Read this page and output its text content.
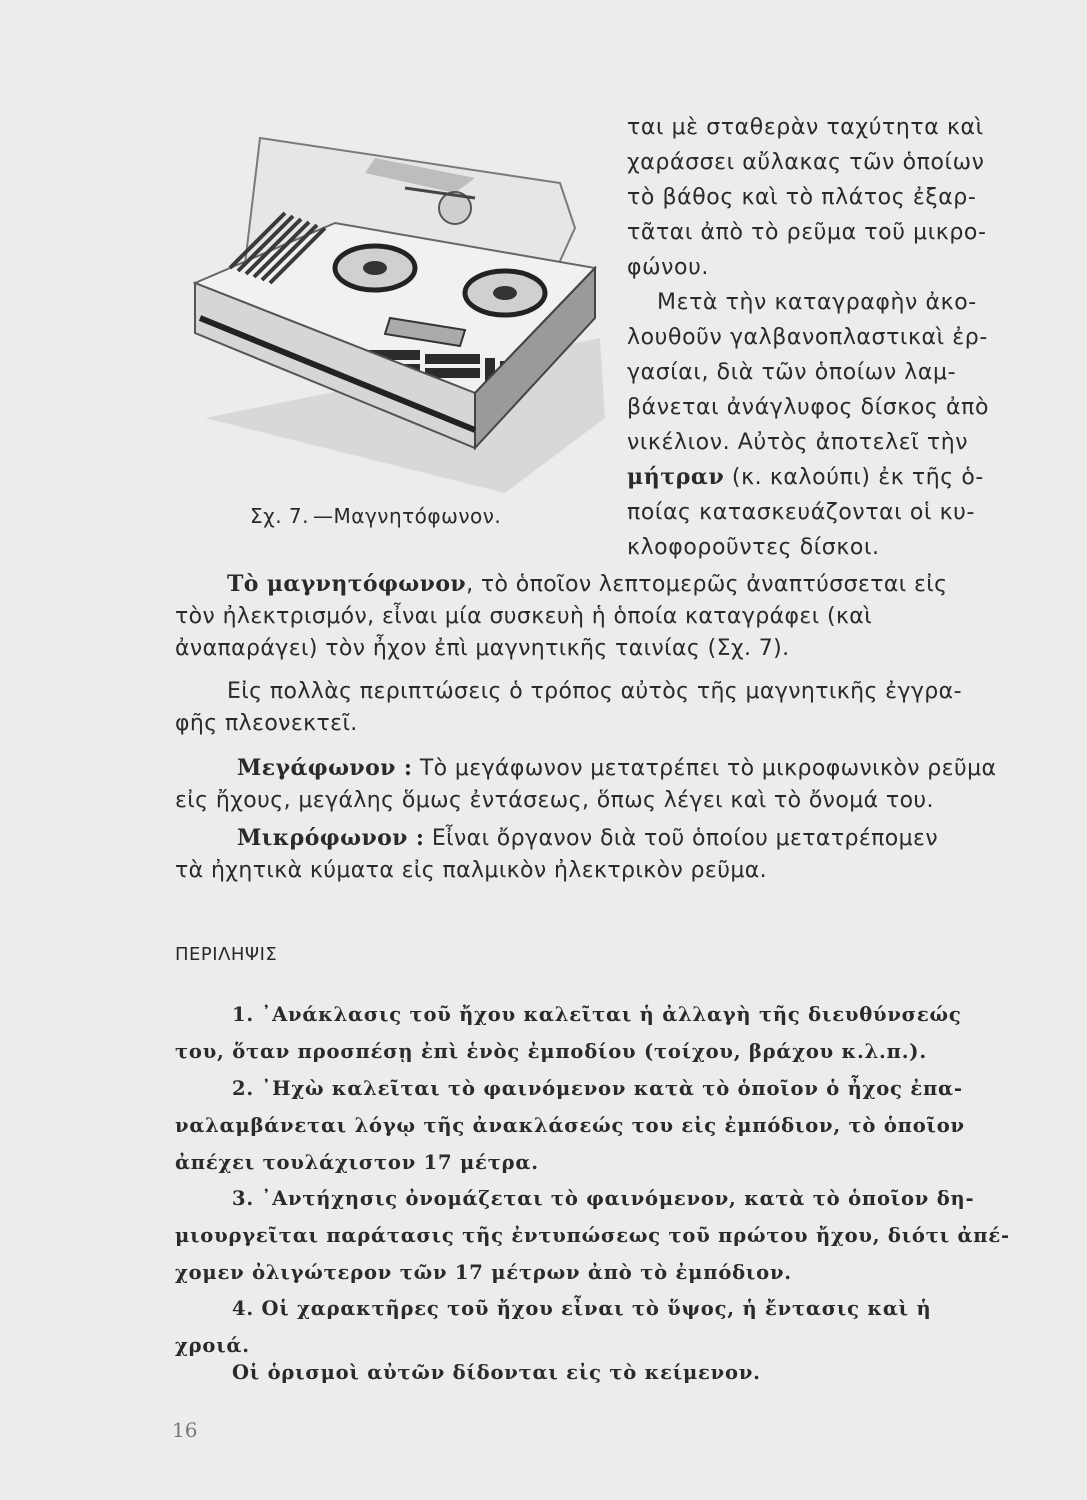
Σχ. 7. —Μαγνητόφωνον.
ται μὲ σταθερὰν ταχύτητα καὶ
χαράσσει αὔλακας τῶν ὁποίων
τὸ βάθος καὶ τὸ πλάτος ἐξαρ-
τᾶται ἀπὸ τὸ ρεῦμα τοῦ μικρο-
φώνου.
Μετὰ τὴν καταγραφὴν ἀκο-
λουθοῦν γαλβανοπλαστικαὶ ἐρ-
γασίαι, διὰ τῶν ὁποίων λαμ-
βάνεται ἀνάγλυφος δίσκος ἀπὸ
νικέλιον. Αὐτὸς ἀποτελεῖ τὴν
μήτραν (κ. καλούπι) ἐκ τῆς ὁ-
ποίας κατασκευάζονται οἱ κυ-
κλοφοροῦντες δίσκοι.
Τὸ μαγνητόφωνον, τὸ ὁποῖον λεπτομερῶς ἀναπτύσσεται εἰς
τὸν ἠλεκτρισμόν, εἶναι μία συσκευὴ ἡ ὁποία καταγράφει (καὶ
ἀναπαράγει) τὸν ἦχον ἐπὶ μαγνητικῆς ταινίας (Σχ. 7).
Εἰς πολλὰς περιπτώσεις ὁ τρόπος αὐτὸς τῆς μαγνητικῆς ἐγγρα-
φῆς πλεονεκτεῖ.
Μεγάφωνον : Τὸ μεγάφωνον μετατρέπει τὸ μικροφωνικὸν ρεῦμα
εἰς ἤχους, μεγάλης ὅμως ἐντάσεως, ὅπως λέγει καὶ τὸ ὄνομά του.
Μικρόφωνον : Εἶναι ὄργανον διὰ τοῦ ὁποίου μετατρέπομεν
τὰ ἠχητικὰ κύματα εἰς παλμικὸν ἠλεκτρικὸν ρεῦμα.
ΠΕΡΙΛΗΨΙΣ
1. ᾿Ανάκλασις τοῦ ἤχου καλεῖται ἡ ἀλλαγὴ τῆς διευθύνσεώς
του, ὅταν προσπέσῃ ἐπὶ ἑνὸς ἐμποδίου (τοίχου, βράχου κ.λ.π.).
2. ᾿Ηχὼ καλεῖται τὸ φαινόμενον κατὰ τὸ ὁποῖον ὁ ἦχος ἐπα-
ναλαμβάνεται λόγῳ τῆς ἀνακλάσεώς του εἰς ἐμπόδιον, τὸ ὁποῖον
ἀπέχει τουλάχιστον 17 μέτρα.
3. ᾿Αντήχησις ὀνομάζεται τὸ φαινόμενον, κατὰ τὸ ὁποῖον δη-
μιουργεῖται παράτασις τῆς ἐντυπώσεως τοῦ πρώτου ἤχου, διότι ἀπέ-
χομεν ὀλιγώτερον τῶν 17 μέτρων ἀπὸ τὸ ἐμπόδιον.
4. Οἱ χαρακτῆρες τοῦ ἤχου εἶναι τὸ ὕψος, ἡ ἔντασις καὶ ἡ
χροιά.
Οἱ ὁρισμοὶ αὐτῶν δίδονται εἰς τὸ κείμενον.
16
